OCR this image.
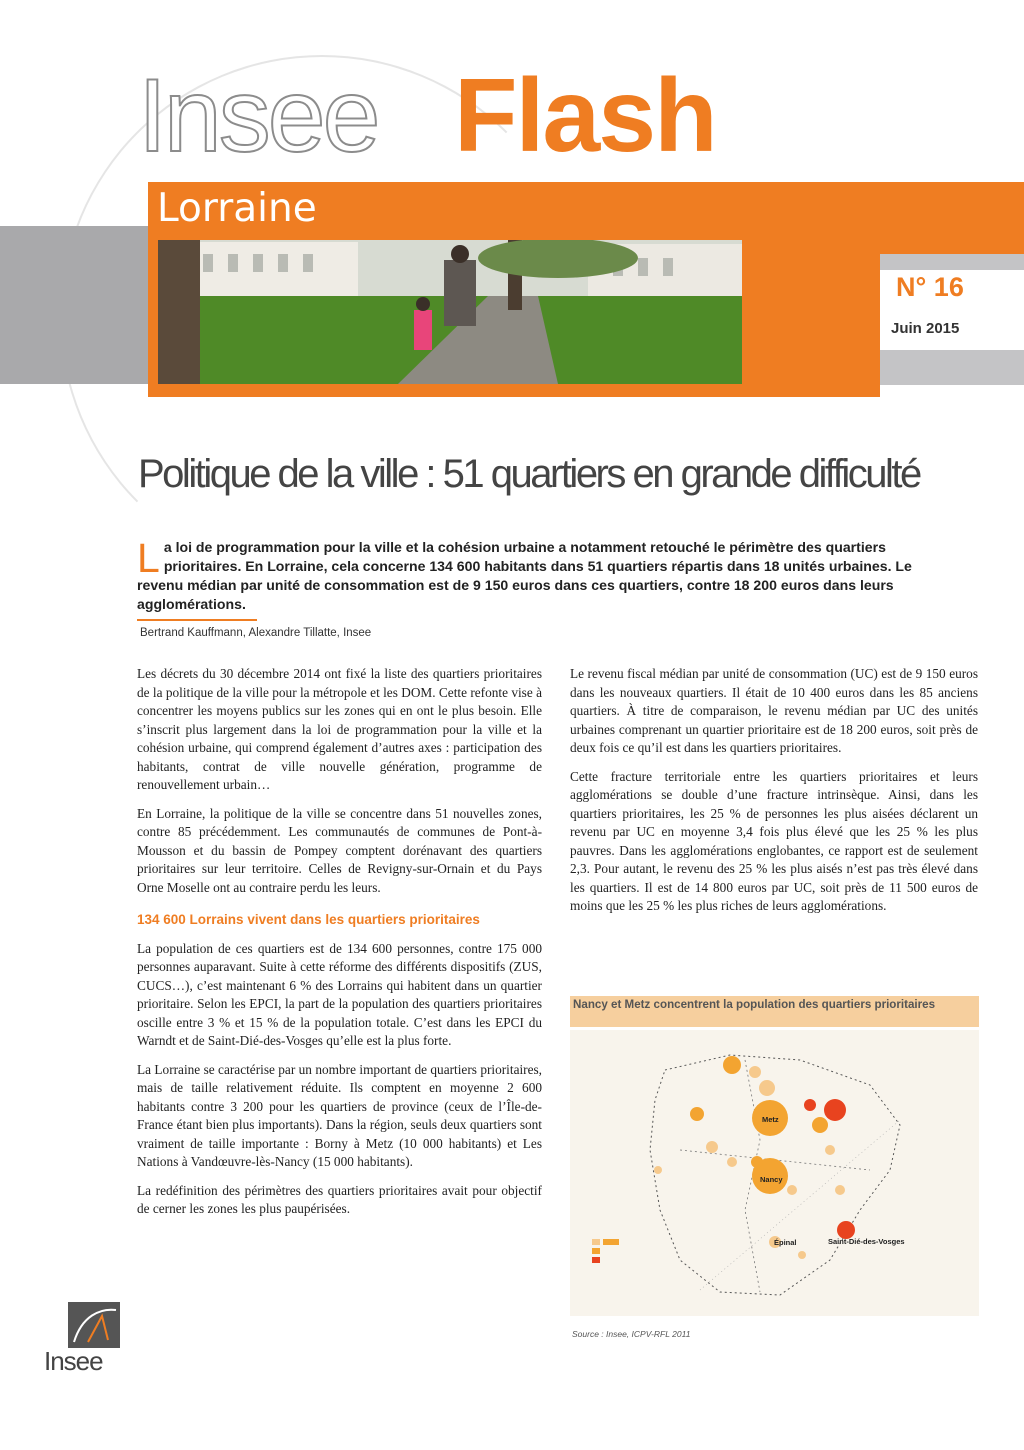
Insee Flash
Lorraine
N° 16
Juin 2015
Politique de la ville : 51 quartiers en grande difficulté
L a loi de programmation pour la ville et la cohésion urbaine a notamment retouché le périmètre des quartiers prioritaires. En Lorraine, cela concerne 134 600 habitants dans 51 quartiers répartis dans 18 unités urbaines. Le revenu médian par unité de consommation est de 9 150 euros dans ces quartiers, contre 18 200 euros dans leurs agglomérations.
Bertrand Kauffmann, Alexandre Tillatte, Insee

Les décrets du 30 décembre 2014 ont fixé la liste des quartiers prioritaires de la politique de la ville pour la métropole et les DOM. Cette refonte vise à concentrer les moyens publics sur les zones qui en ont le plus besoin. Elle s’inscrit plus largement dans la loi de programmation pour la ville et la cohésion urbaine, qui comprend également d’autres axes : participation des habitants, contrat de ville nouvelle génération, programme de renouvellement urbain…

En Lorraine, la politique de la ville se concentre dans 51 nouvelles zones, contre 85 précédemment. Les communautés de communes de Pont-à-Mousson et du bassin de Pompey comptent dorénavant des quartiers prioritaires sur leur territoire. Celles de Revigny-sur-Ornain et du Pays Orne Moselle ont au contraire perdu les leurs.

134 600 Lorrains vivent dans les quartiers prioritaires

La population de ces quartiers est de 134 600 personnes, contre 175 000 personnes auparavant. Suite à cette réforme des différents dispositifs (ZUS, CUCS…), c’est maintenant 6 % des Lorrains qui habitent dans un quartier prioritaire. Selon les EPCI, la part de la population des quartiers prioritaires oscille entre 3 % et 15 % de la population totale. C’est dans les EPCI du Warndt et de Saint-Dié-des-Vosges qu’elle est la plus forte.

La Lorraine se caractérise par un nombre important de quartiers prioritaires, mais de taille relativement réduite. Ils comptent en moyenne 2 600 habitants contre 3 200 pour les quartiers de province (ceux de l’Île-de-France étant bien plus importants). Dans la région, seuls deux quartiers sont vraiment de taille importante : Borny à Metz (10 000 habitants) et Les Nations à Vandœuvre-lès-Nancy (15 000 habitants).

La redéfinition des périmètres des quartiers prioritaires avait pour objectif de cerner les zones les plus paupérisées.

Le revenu fiscal médian par unité de consommation (UC) est de 9 150 euros dans les nouveaux quartiers. Il était de 10 400 euros dans les 85 anciens quartiers. À titre de comparaison, le revenu médian par UC des unités urbaines comprenant un quartier prioritaire est de 18 200 euros, soit près de deux fois ce qu’il est dans les quartiers prioritaires.

Cette fracture territoriale entre les quartiers prioritaires et leurs agglomérations se double d’une fracture intrinsèque. Ainsi, dans les quartiers prioritaires, les 25 % de personnes les plus aisées déclarent un revenu par UC en moyenne 3,4 fois plus élevé que les 25 % les plus pauvres. Dans les agglomérations englobantes, ce rapport est de seulement 2,3. Pour autant, le revenu des 25 % les plus aisés n’est pas très élevé dans les quartiers. Il est de 14 800 euros par UC, soit près de 11 500 euros de moins que les 25 % les plus riches de leurs agglomérations.

Nancy et Metz concentrent la population des quartiers prioritaires
Metz
Nancy
Épinal	Saint-Dié-des-Vosges
Source : Insee, ICPV-RFL 2011
Insee
